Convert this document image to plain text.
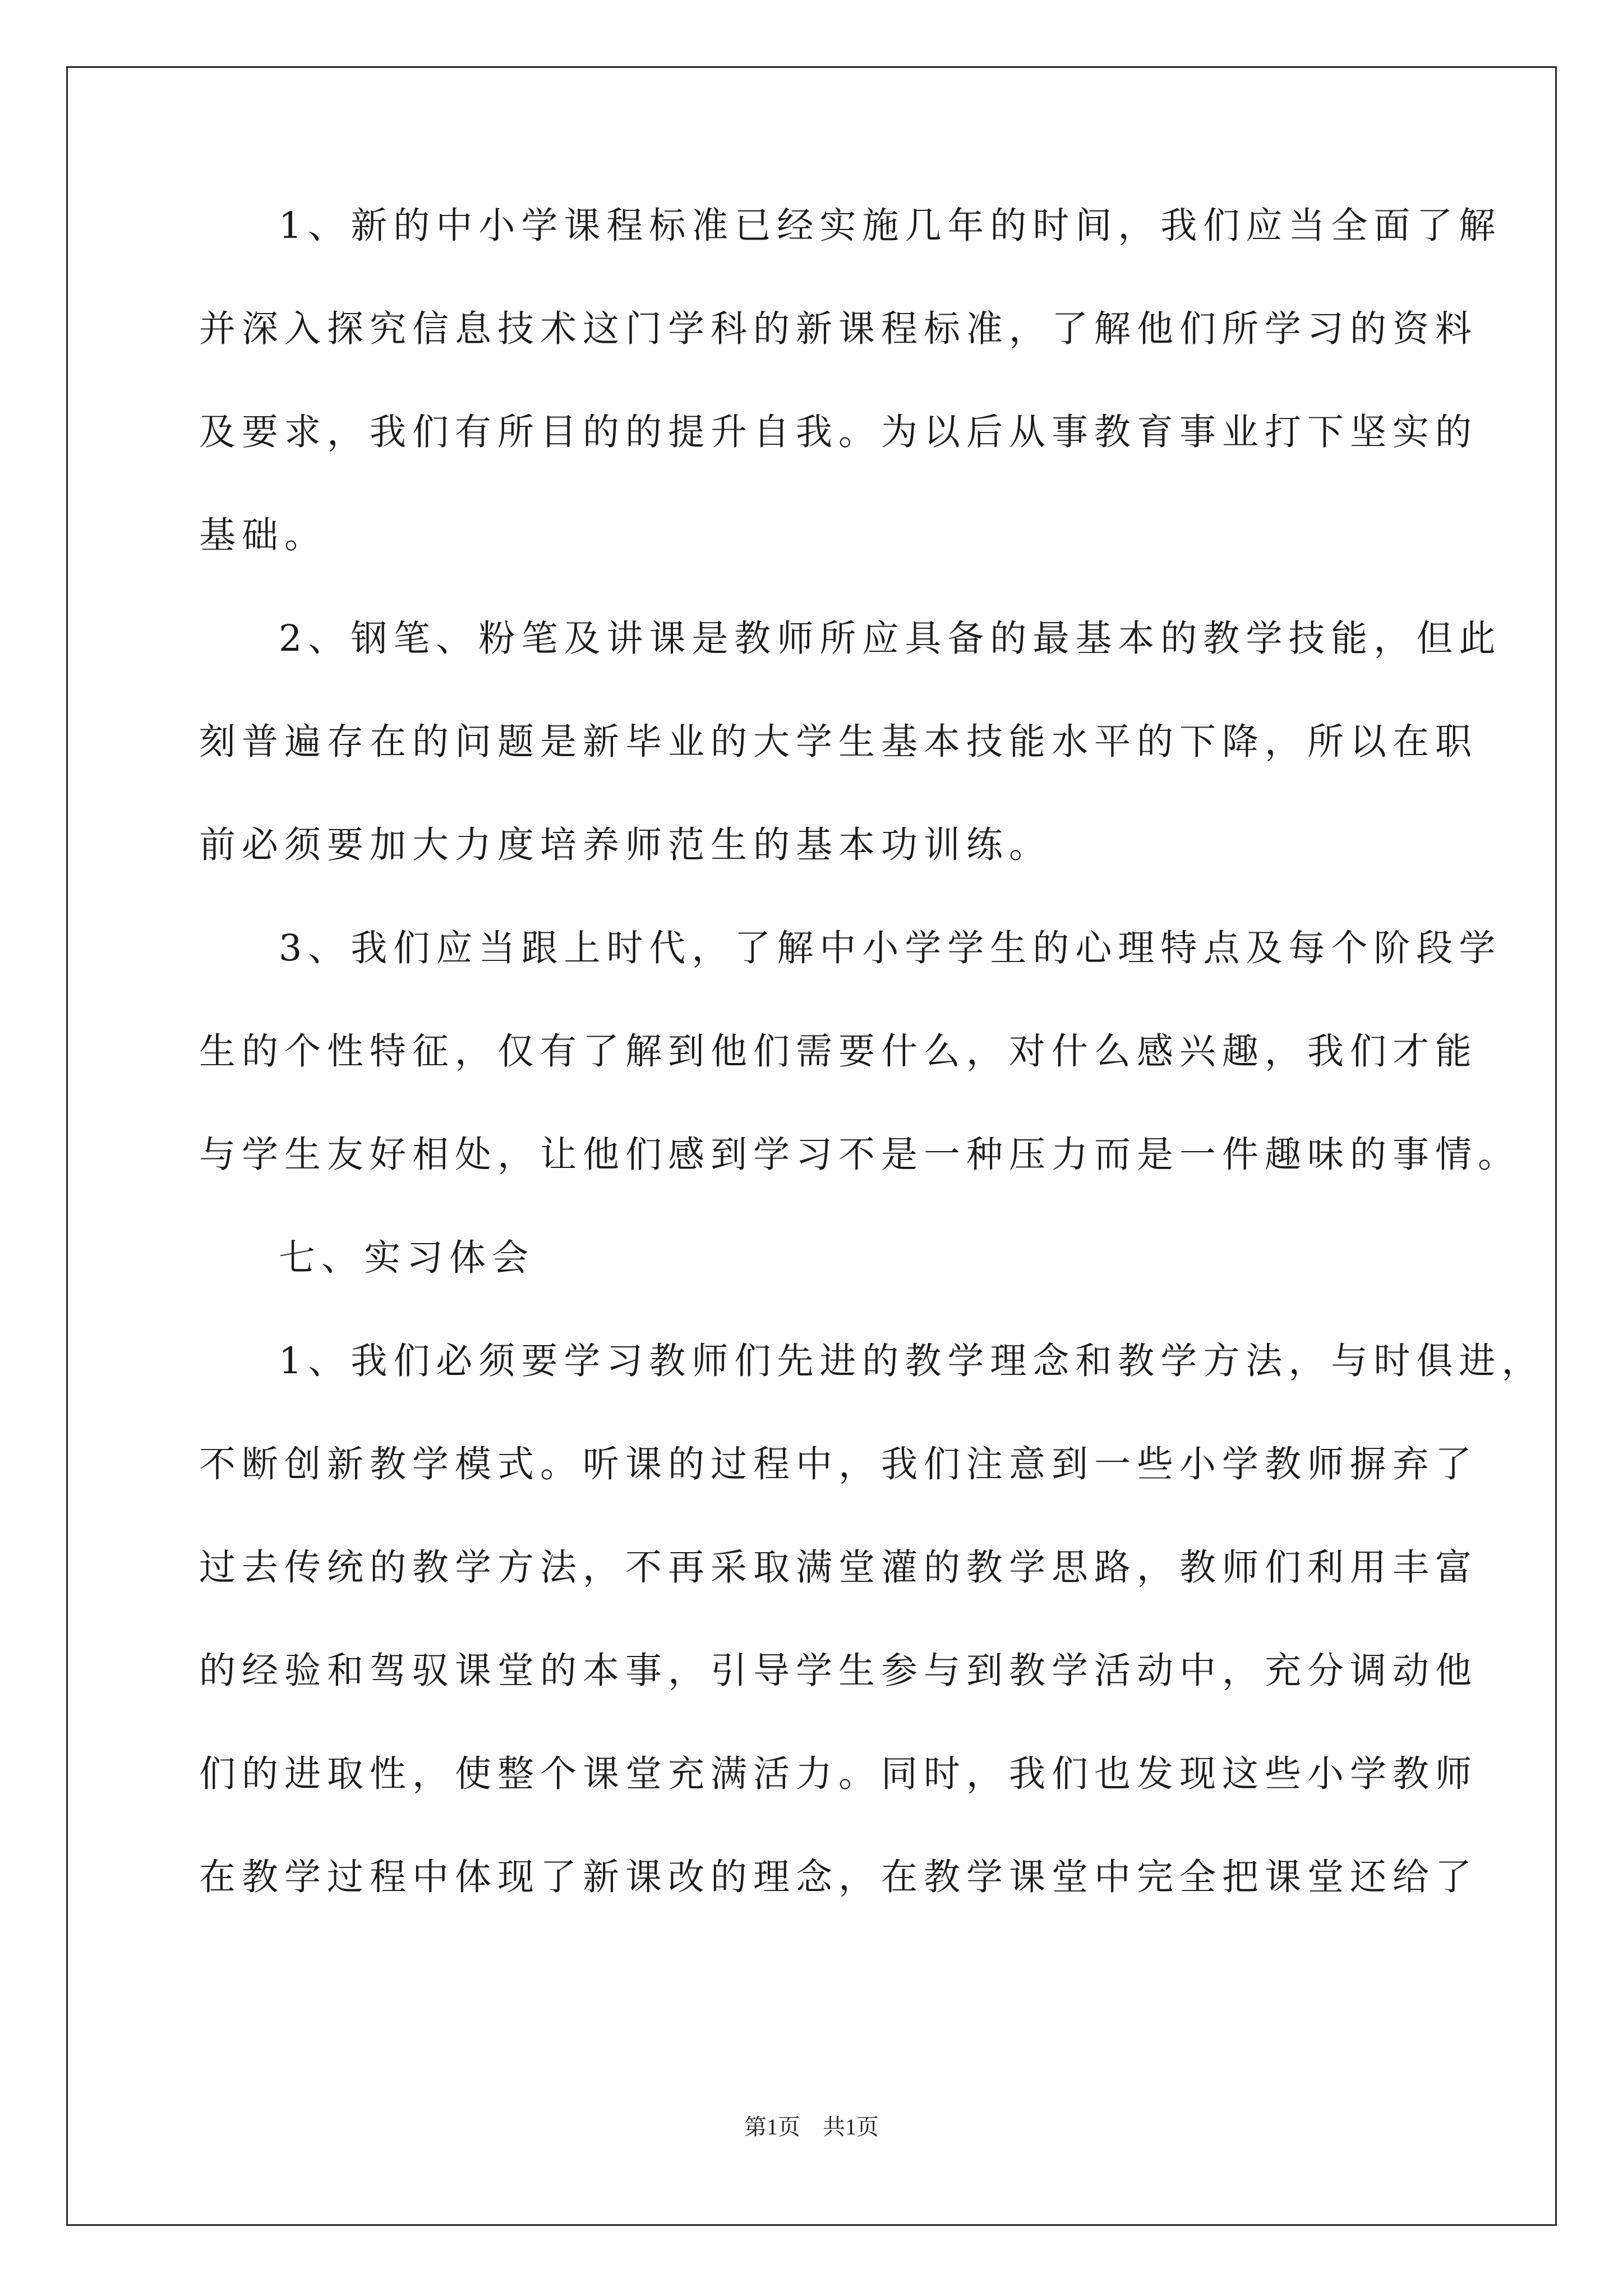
1、新的中小学课程标准已经实施几年的时间，我们应当全面了解
并深入探究信息技术这门学科的新课程标准，了解他们所学习的资料
及要求，我们有所目的的提升自我。为以后从事教育事业打下坚实的
基础。
2、钢笔、粉笔及讲课是教师所应具备的最基本的教学技能，但此
刻普遍存在的问题是新毕业的大学生基本技能水平的下降，所以在职
前必须要加大力度培养师范生的基本功训练。
3、我们应当跟上时代，了解中小学学生的心理特点及每个阶段学
生的个性特征，仅有了解到他们需要什么，对什么感兴趣，我们才能
与学生友好相处，让他们感到学习不是一种压力而是一件趣味的事情。
七、实习体会
1、我们必须要学习教师们先进的教学理念和教学方法，与时俱进，
不断创新教学模式。听课的过程中，我们注意到一些小学教师摒弃了
过去传统的教学方法，不再采取满堂灌的教学思路，教师们利用丰富
的经验和驾驭课堂的本事，引导学生参与到教学活动中，充分调动他
们的进取性，使整个课堂充满活力。同时，我们也发现这些小学教师
在教学过程中体现了新课改的理念，在教学课堂中完全把课堂还给了
第1页 共1页
